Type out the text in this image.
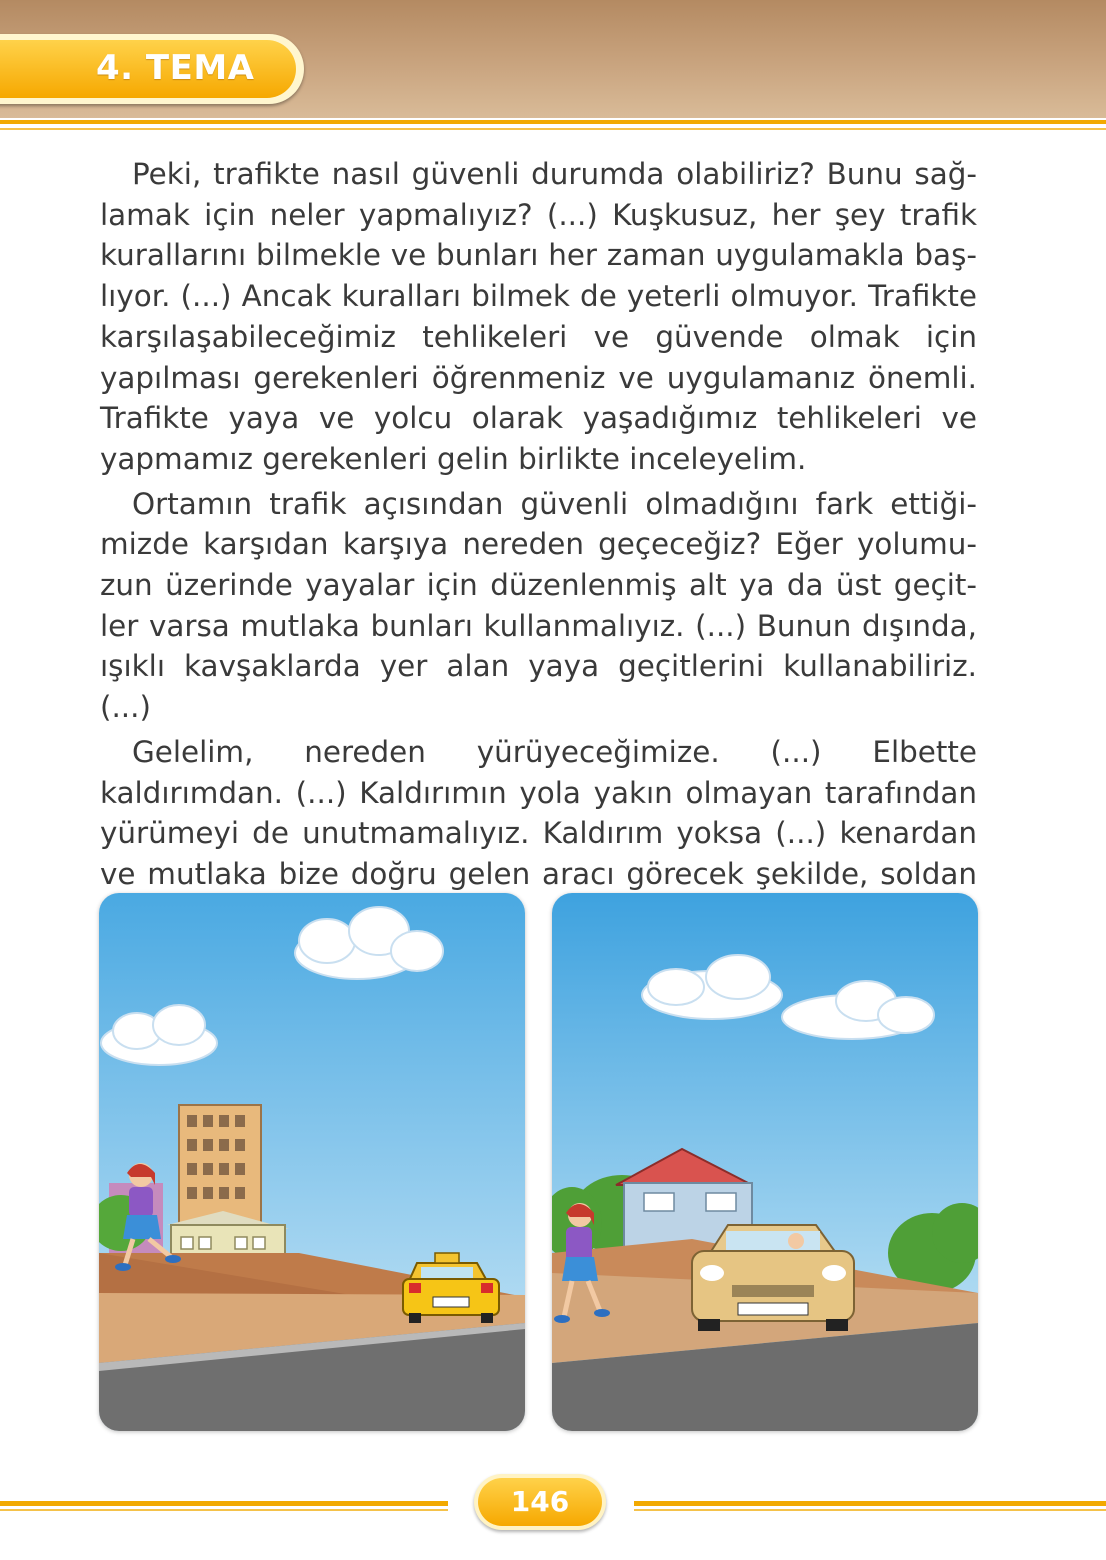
4. TEMA

Peki, trafikte nasıl güvenli durumda olabiliriz? Bunu sağlamak için neler yapmalıyız? (...) Kuşkusuz, her şey trafik kurallarını bilmekle ve bunları her zaman uygulamakla başlıyor. (...) Ancak kuralları bilmek de yeterli olmuyor. Trafikte karşılaşabileceğimiz tehlikeleri ve güvende olmak için yapılması gerekenleri öğrenmeniz ve uygulamanız önemli. Trafikte yaya ve yolcu olarak yaşadığımız tehlikeleri ve yapmamız gerekenleri gelin birlikte inceleyelim.

Ortamın trafik açısından güvenli olmadığını fark ettiğimizde karşıdan karşıya nereden geçeceğiz? Eğer yolumuzun üzerinde yayalar için düzenlenmiş alt ya da üst geçitler varsa mutlaka bunları kullanmalıyız. (...) Bunun dışında, ışıklı kavşaklarda yer alan yaya geçitlerini kullanabiliriz. (...)

Gelelim, nereden yürüyeceğimize. (...) Elbette kaldırımdan. (...) Kaldırımın yola yakın olmayan tarafından yürümeyi de unutmamalıyız. Kaldırım yoksa (...) kenardan ve mutlaka bize doğru gelen aracı görecek şekilde, soldan

146
